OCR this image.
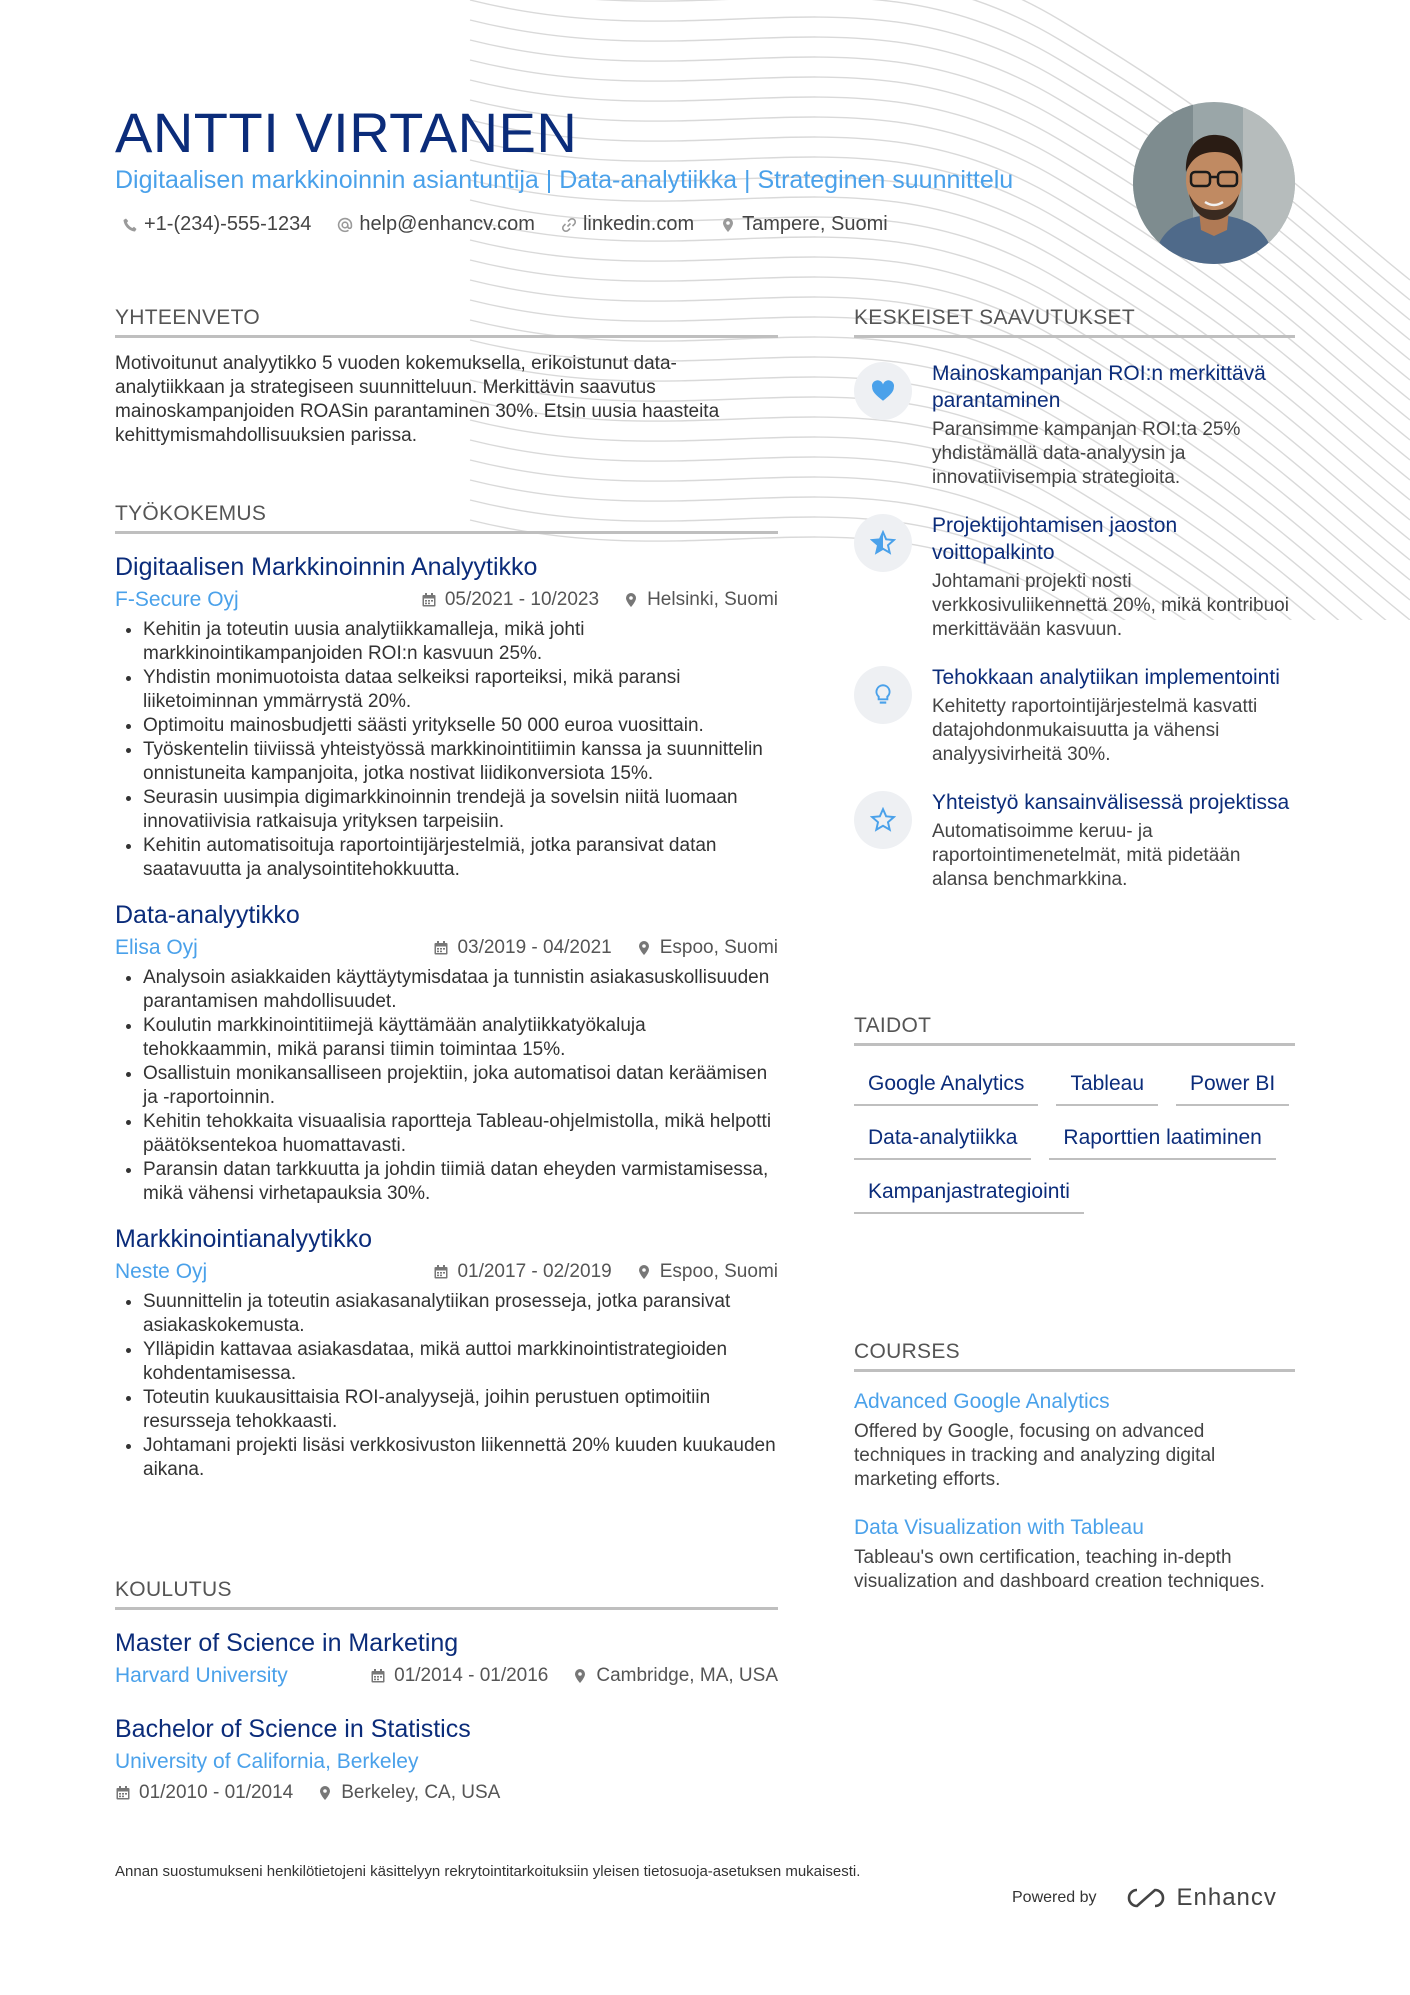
ANTTI VIRTANEN
Digitaalisen markkinoinnin asiantuntija | Data-analytiikka | Strateginen suunnittelu
+1-(234)-555-1234 help@enhancv.com linkedin.com Tampere, Suomi
YHTEENVETO

Motivoitunut analyytikko 5 vuoden kokemuksella, erikoistunut data-analytiikkaan ja strategiseen suunnitteluun. Merkittävin saavutus mainoskampanjoiden ROASin parantaminen 30%. Etsin uusia haasteita kehittymismahdollisuuksien parissa.

TYÖKOKEMUS
Digitaalisen Markkinoinnin Analyytikko
F-Secure Oyj	05/2021 - 10/2023	Helsinki, Suomi
• Kehitin ja toteutin uusia analytiikkamalleja, mikä johti markkinointikampanjoiden ROI:n kasvuun 25%.
• Yhdistin monimuotoista dataa selkeiksi raporteiksi, mikä paransi liiketoiminnan ymmärrystä 20%.
• Optimoitu mainosbudjetti säästi yritykselle 50 000 euroa vuosittain.
• Työskentelin tiiviissä yhteistyössä markkinointitiimin kanssa ja suunnittelin onnistuneita kampanjoita, jotka nostivat liidikonversiota 15%.
• Seurasin uusimpia digimarkkinoinnin trendejä ja sovelsin niitä luomaan innovatiivisia ratkaisuja yrityksen tarpeisiin.
• Kehitin automatisoituja raportointijärjestelmiä, jotka paransivat datan saatavuutta ja analysointitehokkuutta.
Data-analyytikko
Elisa Oyj	03/2019 - 04/2021	Espoo, Suomi
• Analysoin asiakkaiden käyttäytymisdataa ja tunnistin asiakasuskollisuuden parantamisen mahdollisuudet.
• Koulutin markkinointitiimejä käyttämään analytiikkatyökaluja tehokkaammin, mikä paransi tiimin toimintaa 15%.
• Osallistuin monikansalliseen projektiin, joka automatisoi datan keräämisen ja -raportoinnin.
• Kehitin tehokkaita visuaalisia raportteja Tableau-ohjelmistolla, mikä helpotti päätöksentekoa huomattavasti.
• Paransin datan tarkkuutta ja johdin tiimiä datan eheyden varmistamisessa, mikä vähensi virhetapauksia 30%.
Markkinointianalyytikko
Neste Oyj	01/2017 - 02/2019	Espoo, Suomi
• Suunnittelin ja toteutin asiakasanalytiikan prosesseja, jotka paransivat asiakaskokemusta.
• Ylläpidin kattavaa asiakasdataa, mikä auttoi markkinointistrategioiden kohdentamisessa.
• Toteutin kuukausittaisia ROI-analyysejä, joihin perustuen optimoitiin resursseja tehokkaasti.
• Johtamani projekti lisäsi verkkosivuston liikennettä 20% kuuden kuukauden aikana.
KOULUTUS
Master of Science in Marketing
Harvard University	01/2014 - 01/2016	Cambridge, MA, USA
Bachelor of Science in Statistics
University of California, Berkeley
01/2010 - 01/2014	Berkeley, CA, USA
KESKEISET SAAVUTUKSET
Mainoskampanjan ROI:n merkittävä parantaminen
Paransimme kampanjan ROI:ta 25% yhdistämällä data-analyysin ja innovatiivisempia strategioita.
Projektijohtamisen jaoston voittopalkinto
Johtamani projekti nosti verkkosivuliikennettä 20%, mikä kontribuoi merkittävään kasvuun.
Tehokkaan analytiikan implementointi
Kehitetty raportointijärjestelmä kasvatti datajohdonmukaisuutta ja vähensi analyysivirheitä 30%.
Yhteistyö kansainvälisessä projektissa
Automatisoimme keruu- ja raportointimenetelmät, mitä pidetään alansa benchmarkkina.
TAIDOT
Google Analytics	Tableau	Power BI
Data-analytiikka	Raporttien laatiminen
Kampanjastrategiointi
COURSES
Advanced Google Analytics
Offered by Google, focusing on advanced techniques in tracking and analyzing digital marketing efforts.
Data Visualization with Tableau
Tableau's own certification, teaching in-depth visualization and dashboard creation techniques.
Annan suostumukseni henkilötietojeni käsittelyyn rekrytointitarkoituksiin yleisen tietosuoja-asetuksen mukaisesti.
Powered by	Enhancv
